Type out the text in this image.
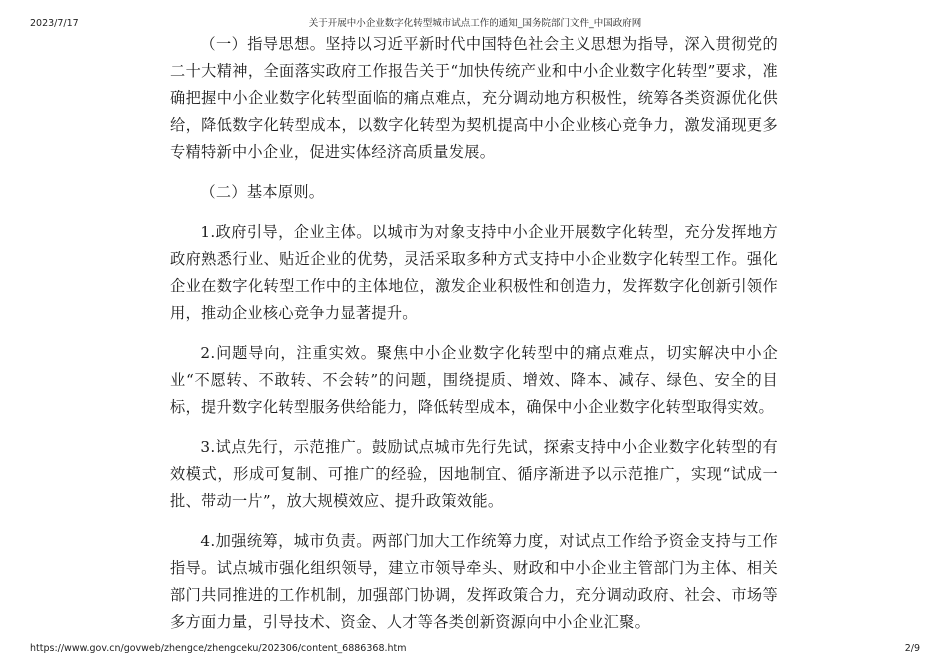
2023/7/17	关于开展中小企业数字化转型城市试点工作的通知_国务院部门文件_中国政府网

（一）指导思想。坚持以习近平新时代中国特色社会主义思想为指导，深入贯彻党的二十大精神，全面落实政府工作报告关于“加快传统产业和中小企业数字化转型”要求，准确把握中小企业数字化转型面临的痛点难点，充分调动地方积极性，统筹各类资源优化供给，降低数字化转型成本，以数字化转型为契机提高中小企业核心竞争力，激发涌现更多专精特新中小企业，促进实体经济高质量发展。

（二）基本原则。

1.政府引导，企业主体。以城市为对象支持中小企业开展数字化转型，充分发挥地方政府熟悉行业、贴近企业的优势，灵活采取多种方式支持中小企业数字化转型工作。强化企业在数字化转型工作中的主体地位，激发企业积极性和创造力，发挥数字化创新引领作用，推动企业核心竞争力显著提升。

2.问题导向，注重实效。聚焦中小企业数字化转型中的痛点难点，切实解决中小企业“不愿转、不敢转、不会转”的问题，围绕提质、增效、降本、减存、绿色、安全的目标，提升数字化转型服务供给能力，降低转型成本，确保中小企业数字化转型取得实效。

3.试点先行，示范推广。鼓励试点城市先行先试，探索支持中小企业数字化转型的有效模式，形成可复制、可推广的经验，因地制宜、循序渐进予以示范推广，实现“试成一批、带动一片”，放大规模效应、提升政策效能。

4.加强统筹，城市负责。两部门加大工作统筹力度，对试点工作给予资金支持与工作指导。试点城市强化组织领导，建立市领导牵头、财政和中小企业主管部门为主体、相关部门共同推进的工作机制，加强部门协调，发挥政策合力，充分调动政府、社会、市场等多方面力量，引导技术、资金、人才等各类创新资源向中小企业汇聚。

https://www.gov.cn/govweb/zhengce/zhengceku/202306/content_6886368.htm	2/9
